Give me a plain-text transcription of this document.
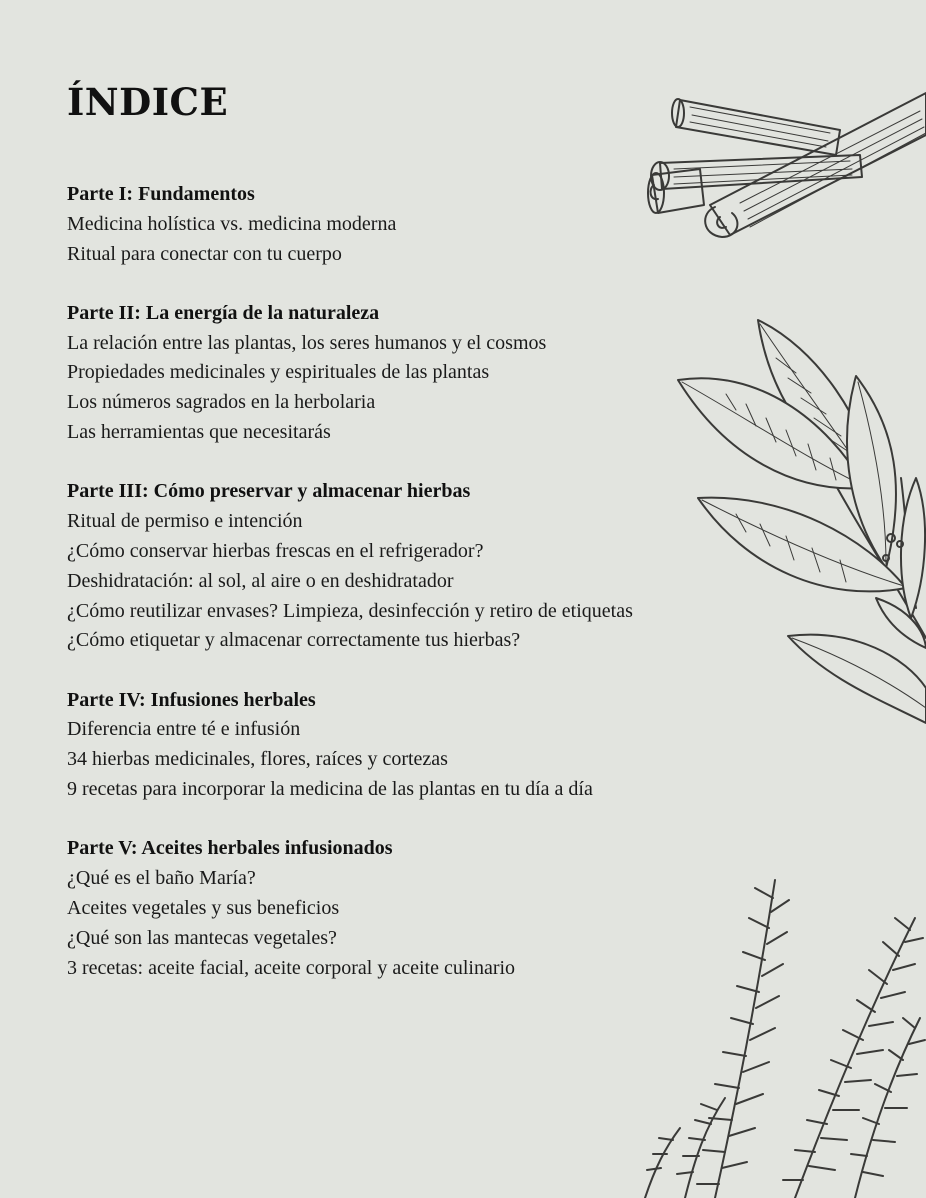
ÍNDICE
Parte I: Fundamentos
Medicina holística vs. medicina moderna
Ritual para conectar con tu cuerpo
Parte II: La energía de la naturaleza
La relación entre las plantas, los seres humanos y el cosmos
Propiedades medicinales y espirituales de las plantas
Los números sagrados en la herbolaria
Las herramientas que necesitarás
Parte III: Cómo preservar y almacenar hierbas
Ritual de permiso e intención
¿Cómo conservar hierbas frescas en el refrigerador?
Deshidratación: al sol, al aire o en deshidratador
¿Cómo reutilizar envases? Limpieza, desinfección y retiro de etiquetas
¿Cómo etiquetar y almacenar correctamente tus hierbas?
Parte IV: Infusiones herbales
Diferencia entre té e infusión
34 hierbas medicinales, flores, raíces y cortezas
9 recetas para incorporar la medicina de las plantas en tu día a día
Parte V: Aceites herbales infusionados
¿Qué es el baño María?
Aceites vegetales y sus beneficios
¿Qué son las mantecas vegetales?
3 recetas: aceite facial, aceite corporal y aceite culinario
